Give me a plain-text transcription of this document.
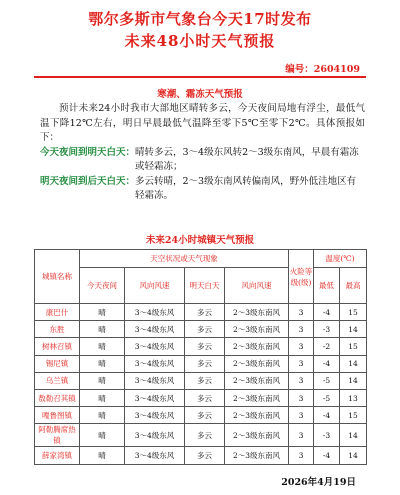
鄂尔多斯市气象台今天17时发布
未来48小时天气预报
编号：2604109
寒潮、霜冻天气预报

预计未来24小时我市大部地区晴转多云，今天夜间局地有浮尘，最低气温下降12℃左右，明日早晨最低气温降至零下5℃至零下2℃。具体预报如下：

今天夜间到明天白天： 晴转多云，3～4级东风转2～3级东南风，早晨有霜冻或轻霜冻；
明天夜间到后天白天： 多云转晴，2～3级东南风转偏南风，野外低洼地区有轻霜冻。
未来24小时城镇天气预报
城镇名称	天空状况或天气现象				火险等级(级)	温度(℃)	
	今天夜间	风向风速	明天白天	风向风速		最低	最高
康巴什	晴	3～4级东风	多云	2～3级东南风	3	-4	15
东胜	晴	3～4级东风	多云	2～3级东南风	3	-3	14
树林召镇	晴	3～4级东风	多云	2～3级东南风	3	-2	15
锡尼镇	晴	3～4级东风	多云	2～3级东南风	3	-4	14
乌兰镇	晴	3～4级东风	多云	2～3级东南风	3	-5	14
敖勒召其镇	晴	3～4级东风	多云	2～3级东南风	3	-5	13
嘎鲁图镇	晴	3～4级东风	多云	2～3级东南风	3	-4	15
阿勒腾席热镇	晴	3～4级东风	多云	2～3级东南风	3	-3	14
薛家湾镇	晴	3～4级东风	多云	2～3级东南风	3	-4	14
2026年4月19日
